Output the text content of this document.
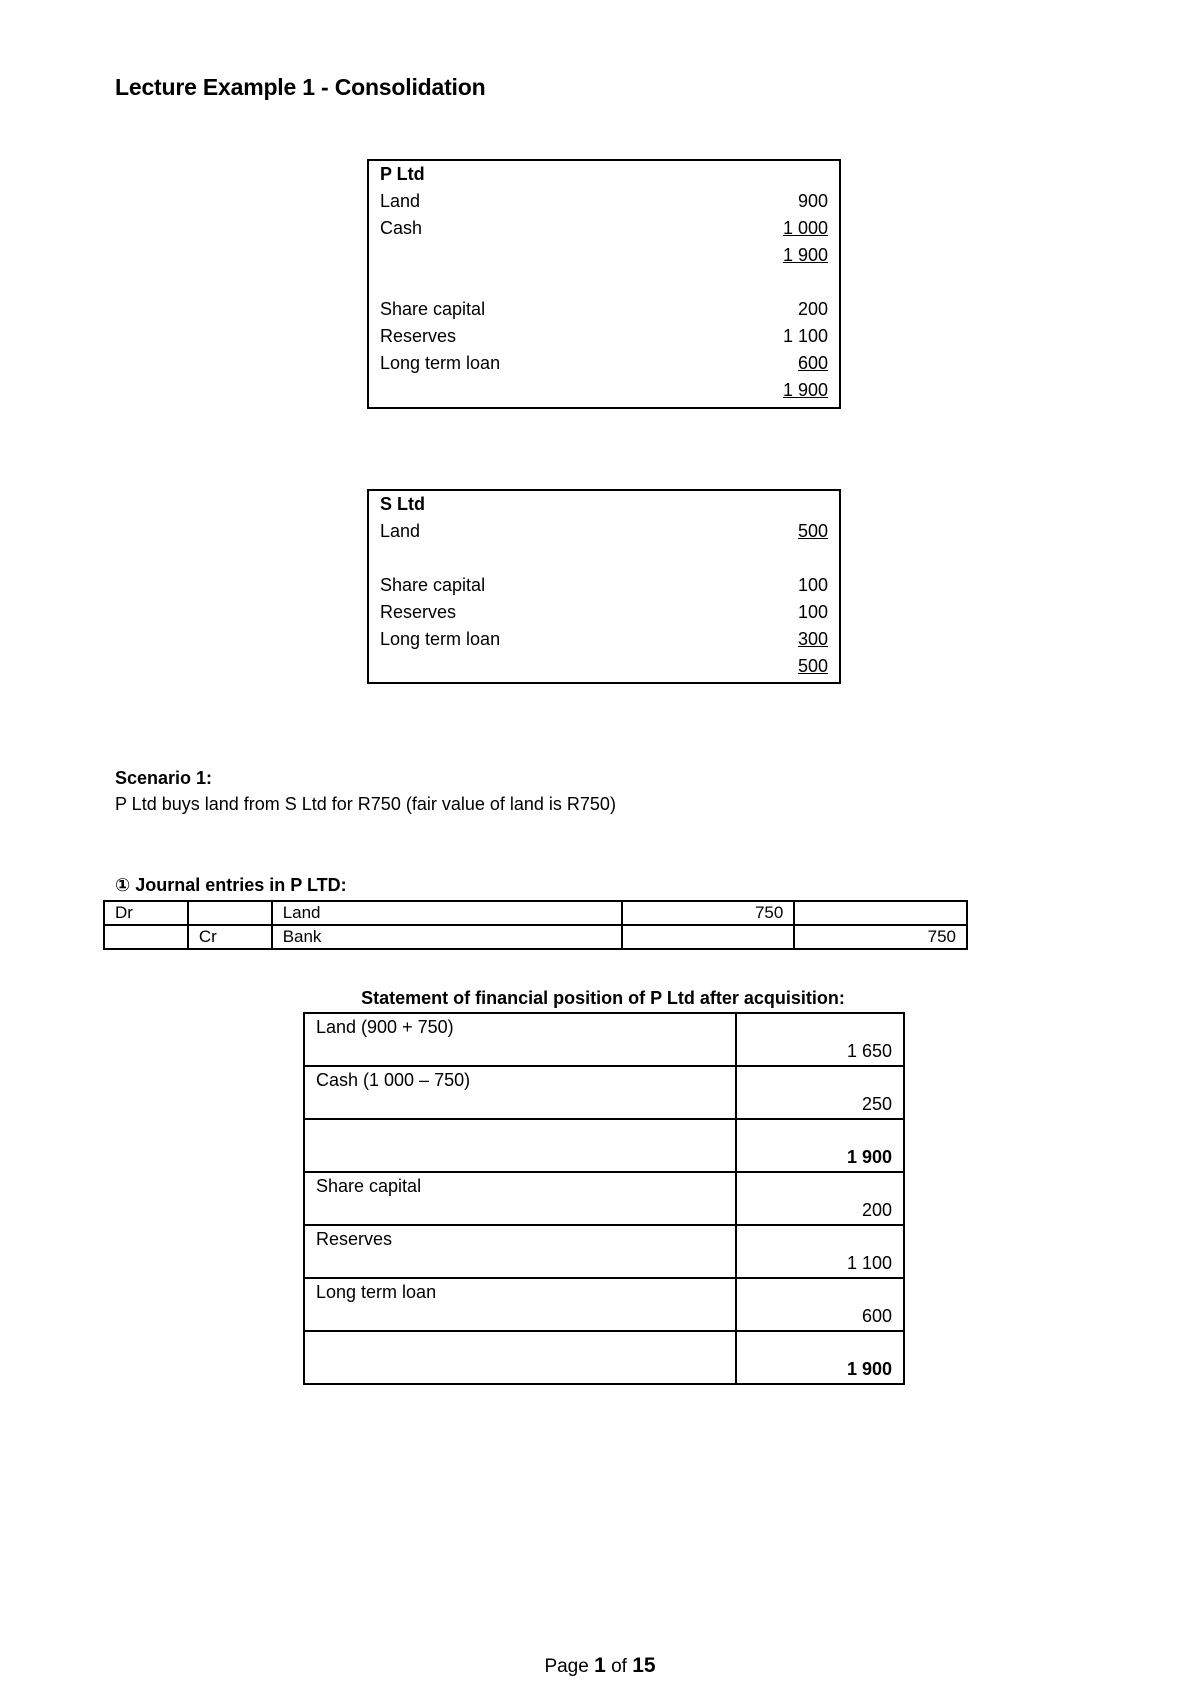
Lecture Example 1 - Consolidation
P Ltd
Land	900
Cash	1 000
1 900
Share capital	200
Reserves	1 100
Long term loan	600
1 900
S Ltd
Land	500
Share capital	100
Reserves	100
Long term loan	300
500
Scenario 1:
P Ltd buys land from S Ltd for R750 (fair value of land is R750)
① Journal entries in P LTD:
Dr		Land	750	
	Cr	Bank		750
Statement of financial position of P Ltd after acquisition:
Land (900 + 750)	1 650
Cash (1 000 – 750)	250
	1 900
Share capital	200
Reserves	1 100
Long term loan	600
	1 900
Page 1 of 15
